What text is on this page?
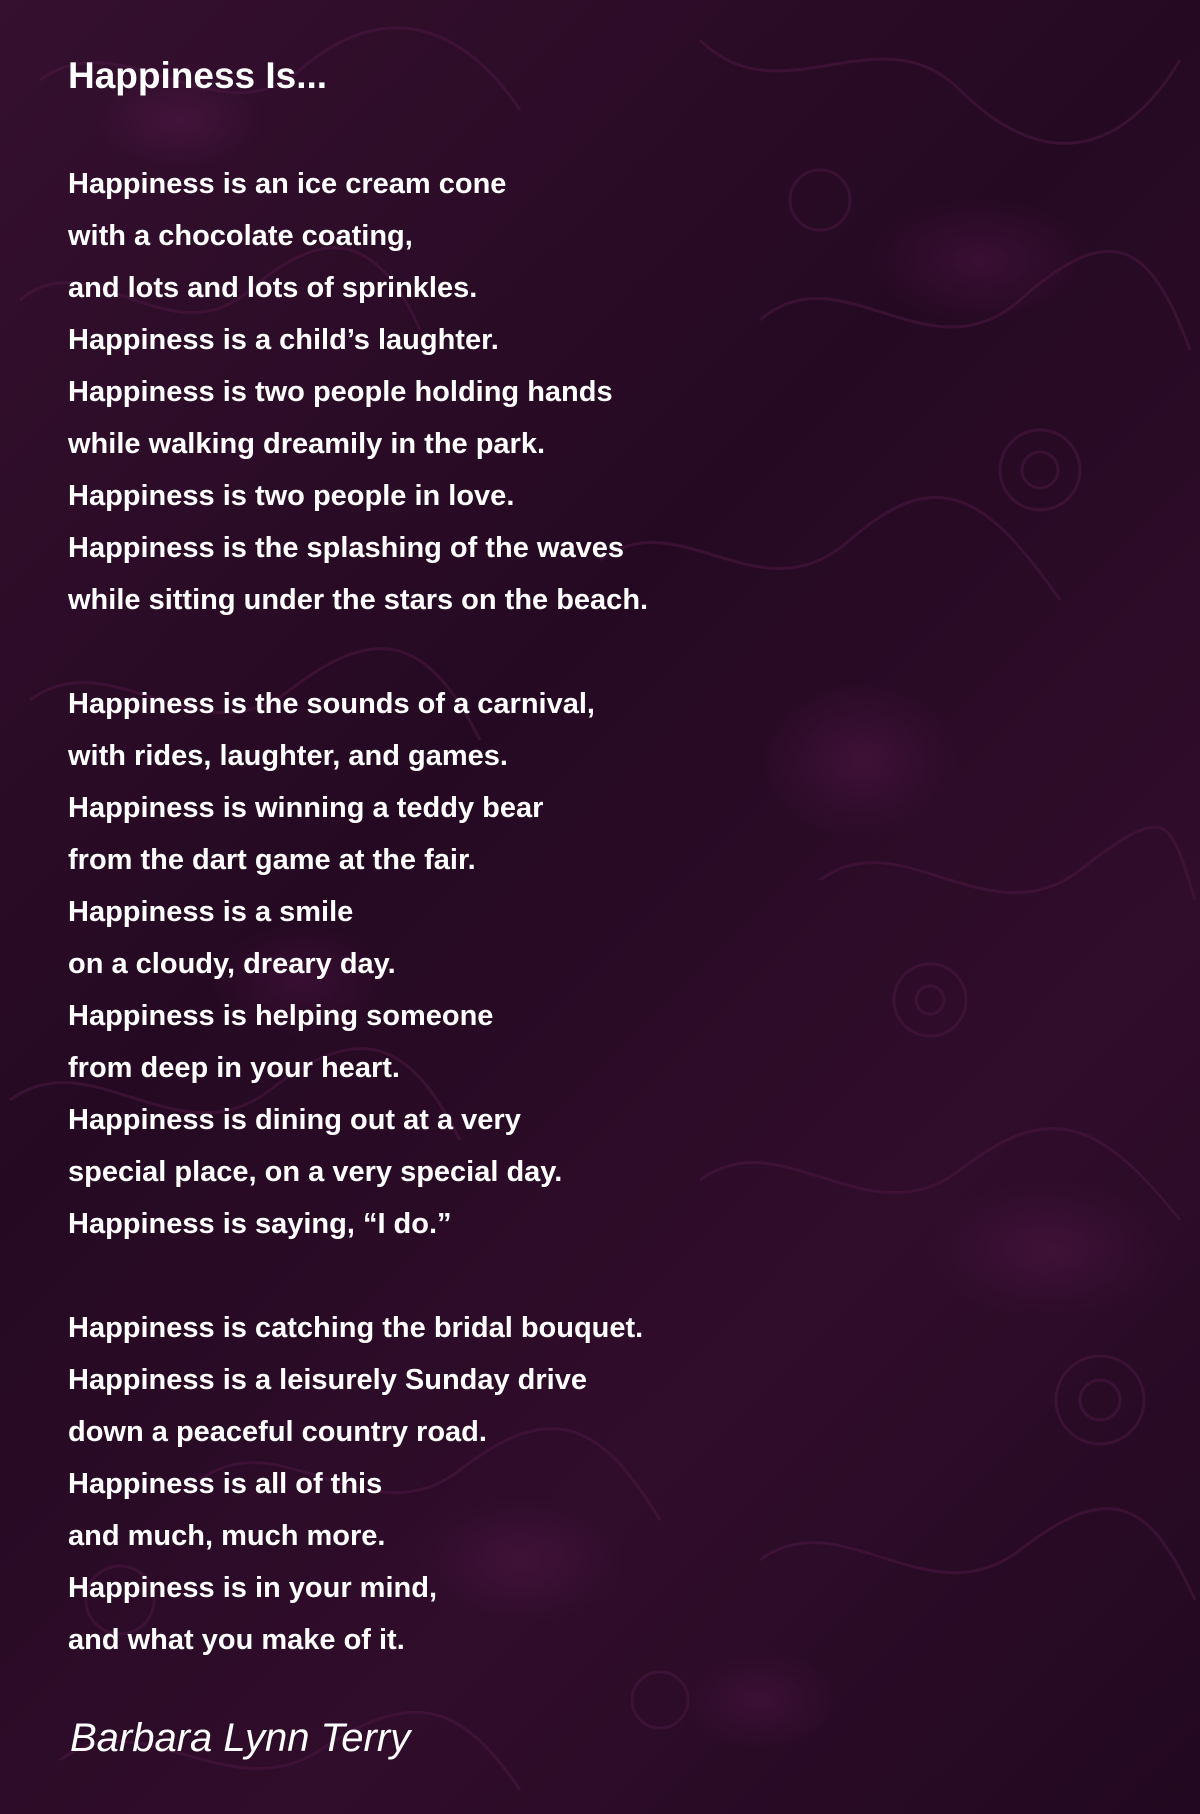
Happiness Is...
Happiness is an ice cream cone
with a chocolate coating,
and lots and lots of sprinkles.
Happiness is a child’s laughter.
Happiness is two people holding hands
while walking dreamily in the park.
Happiness is two people in love.
Happiness is the splashing of the waves
while sitting under the stars on the beach.
Happiness is the sounds of a carnival,
with rides, laughter, and games.
Happiness is winning a teddy bear
from the dart game at the fair.
Happiness is a smile
on a cloudy, dreary day.
Happiness is helping someone
from deep in your heart.
Happiness is dining out at a very
special place, on a very special day.
Happiness is saying, “I do.”
Happiness is catching the bridal bouquet.
Happiness is a leisurely Sunday drive
down a peaceful country road.
Happiness is all of this
and much, much more.
Happiness is in your mind,
and what you make of it.
Barbara Lynn Terry
